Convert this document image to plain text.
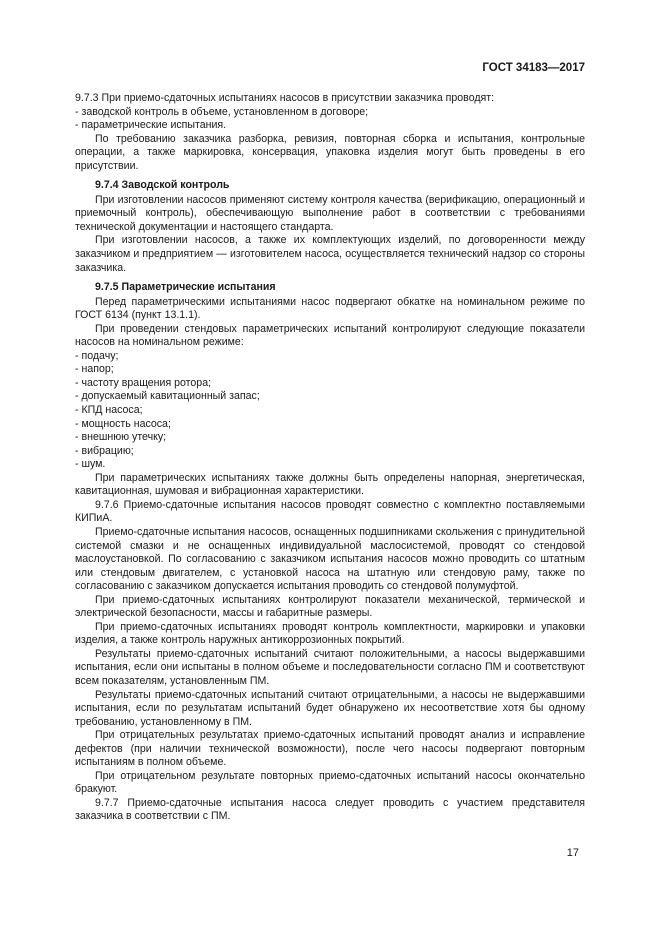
ГОСТ 34183—2017

9.7.3 При приемо-сдаточных испытаниях насосов в присутствии заказчика проводят:

- заводской контроль в объеме, установленном в договоре;

- параметрические испытания.

По требованию заказчика разборка, ревизия, повторная сборка и испытания, контрольные операции, а также маркировка, консервация, упаковка изделия могут быть проведены в его присутствии.

9.7.4 Заводской контроль

При изготовлении насосов применяют систему контроля качества (верификацию, операционный и приемочный контроль), обеспечивающую выполнение работ в соответствии с требованиями технической документации и настоящего стандарта.

При изготовлении насосов, а также их комплектующих изделий, по договоренности между заказчиком и предприятием — изготовителем насоса, осуществляется технический надзор со стороны заказчика.

9.7.5 Параметрические испытания

Перед параметрическими испытаниями насос подвергают обкатке на номинальном режиме по ГОСТ 6134 (пункт 13.1.1).

При проведении стендовых параметрических испытаний контролируют следующие показатели насосов на номинальном режиме:

- подачу;

- напор;

- частоту вращения ротора;

- допускаемый кавитационный запас;

- КПД насоса;

- мощность насоса;

- внешнюю утечку;

- вибрацию;

- шум.

При параметрических испытаниях также должны быть определены напорная, энергетическая, кавитационная, шумовая и вибрационная характеристики.

9.7.6 Приемо-сдаточные испытания насосов проводят совместно с комплектно поставляемыми КИПиА.

Приемо-сдаточные испытания насосов, оснащенных подшипниками скольжения с принудительной системой смазки и не оснащенных индивидуальной маслосистемой, проводят со стендовой маслоустановкой. По согласованию с заказчиком испытания насосов можно проводить со штатным или стендовым двигателем, с установкой насоса на штатную или стендовую раму, также по согласованию с заказчиком допускается испытания проводить со стендовой полумуфтой.

При приемо-сдаточных испытаниях контролируют показатели механической, термической и электрической безопасности, массы и габаритные размеры.

При приемо-сдаточных испытаниях проводят контроль комплектности, маркировки и упаковки изделия, а также контроль наружных антикоррозионных покрытий.

Результаты приемо-сдаточных испытаний считают положительными, а насосы выдержавшими испытания, если они испытаны в полном объеме и последовательности согласно ПМ и соответствуют всем показателям, установленным ПМ.

Результаты приемо-сдаточных испытаний считают отрицательными, а насосы не выдержавшими испытания, если по результатам испытаний будет обнаружено их несоответствие хотя бы одному требованию, установленному в ПМ.

При отрицательных результатах приемо-сдаточных испытаний проводят анализ и исправление дефектов (при наличии технической возможности), после чего насосы подвергают повторным испытаниям в полном объеме.

При отрицательном результате повторных приемо-сдаточных испытаний насосы окончательно бракуют.

9.7.7 Приемо-сдаточные испытания насоса следует проводить с участием представителя заказчика в соответствии с ПМ.

17
